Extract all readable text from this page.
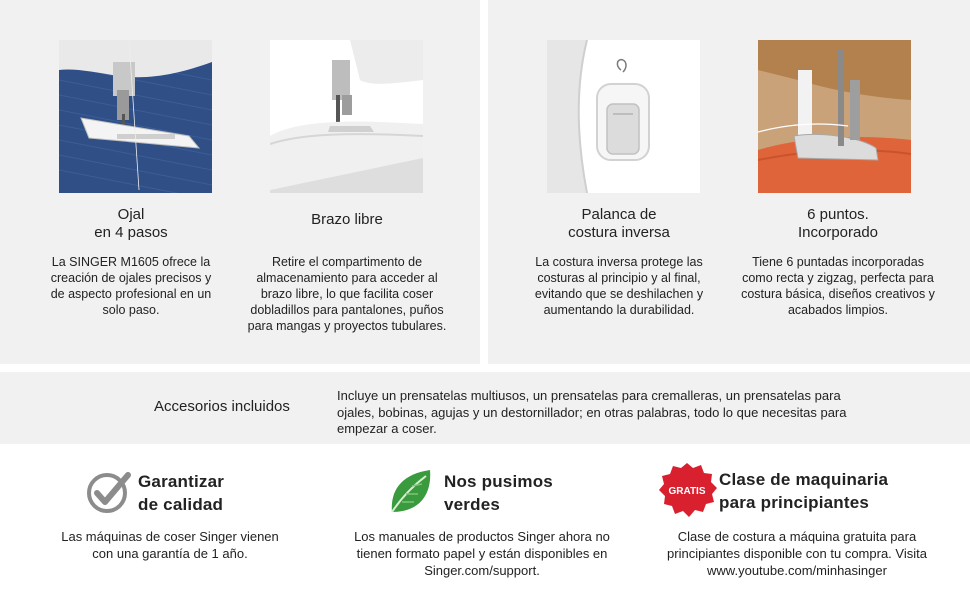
Ojal
en 4 pasos
La SINGER M1605 ofrece la creación de ojales precisos y de aspecto profesional en un solo paso.
Brazo libre
Retire el compartimento de almacenamiento para acceder al brazo libre, lo que facilita coser dobladillos para pantalones, puños para mangas y proyectos tubulares.
Palanca de
costura inversa
La costura inversa protege las costuras al principio y al final, evitando que se deshilachen y aumentando la durabilidad.
6 puntos.
Incorporado
Tiene 6 puntadas incorporadas como recta y zigzag, perfecta para costura básica, diseños creativos y acabados limpios.
Accesorios incluidos
Incluye un prensatelas multiusos, un prensatelas para cremalleras, un prensatelas para ojales, bobinas, agujas y un destornillador; en otras palabras, todo lo que necesitas para empezar a coser.
Garantizar
de calidad
Las máquinas de coser Singer vienen con una garantía de 1 año.
Nos pusimos
verdes
Los manuales de productos Singer ahora no tienen formato papel y están disponibles en Singer.com/support.
GRATIS
Clase de maquinaria
para principiantes
Clase de costura a máquina gratuita para principiantes disponible con tu compra. Visita www.youtube.com/minhasinger
